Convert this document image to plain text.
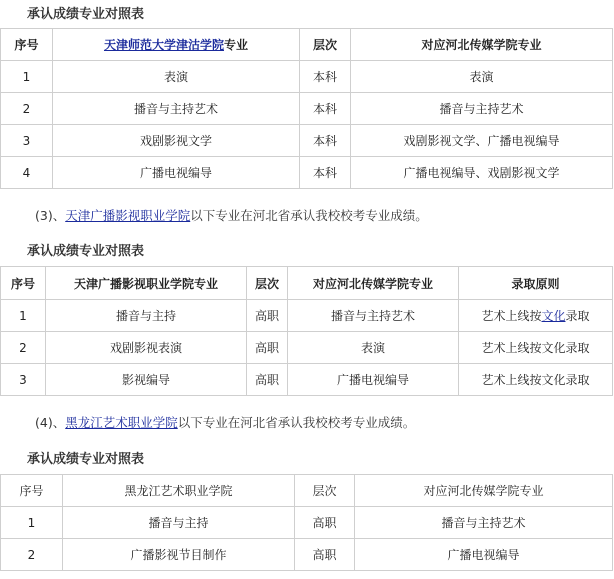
承认成绩专业对照表
序号	天津师范大学津沽学院专业	层次	对应河北传媒学院专业
1	表演	本科	表演
2	播音与主持艺术	本科	播音与主持艺术
3	戏剧影视文学	本科	戏剧影视文学、广播电视编导
4	广播电视编导	本科	广播电视编导、戏剧影视文学
(3)、天津广播影视职业学院以下专业在河北省承认我校校考专业成绩。
承认成绩专业对照表
序号	天津广播影视职业学院专业	层次	对应河北传媒学院专业	录取原则
1	播音与主持	高职	播音与主持艺术	艺术上线按文化录取
2	戏剧影视表演	高职	表演	艺术上线按文化录取
3	影视编导	高职	广播电视编导	艺术上线按文化录取
(4)、黑龙江艺术职业学院以下专业在河北省承认我校校考专业成绩。
承认成绩专业对照表
序号	黑龙江艺术职业学院	层次	对应河北传媒学院专业
1	播音与主持	高职	播音与主持艺术
2	广播影视节目制作	高职	广播电视编导
